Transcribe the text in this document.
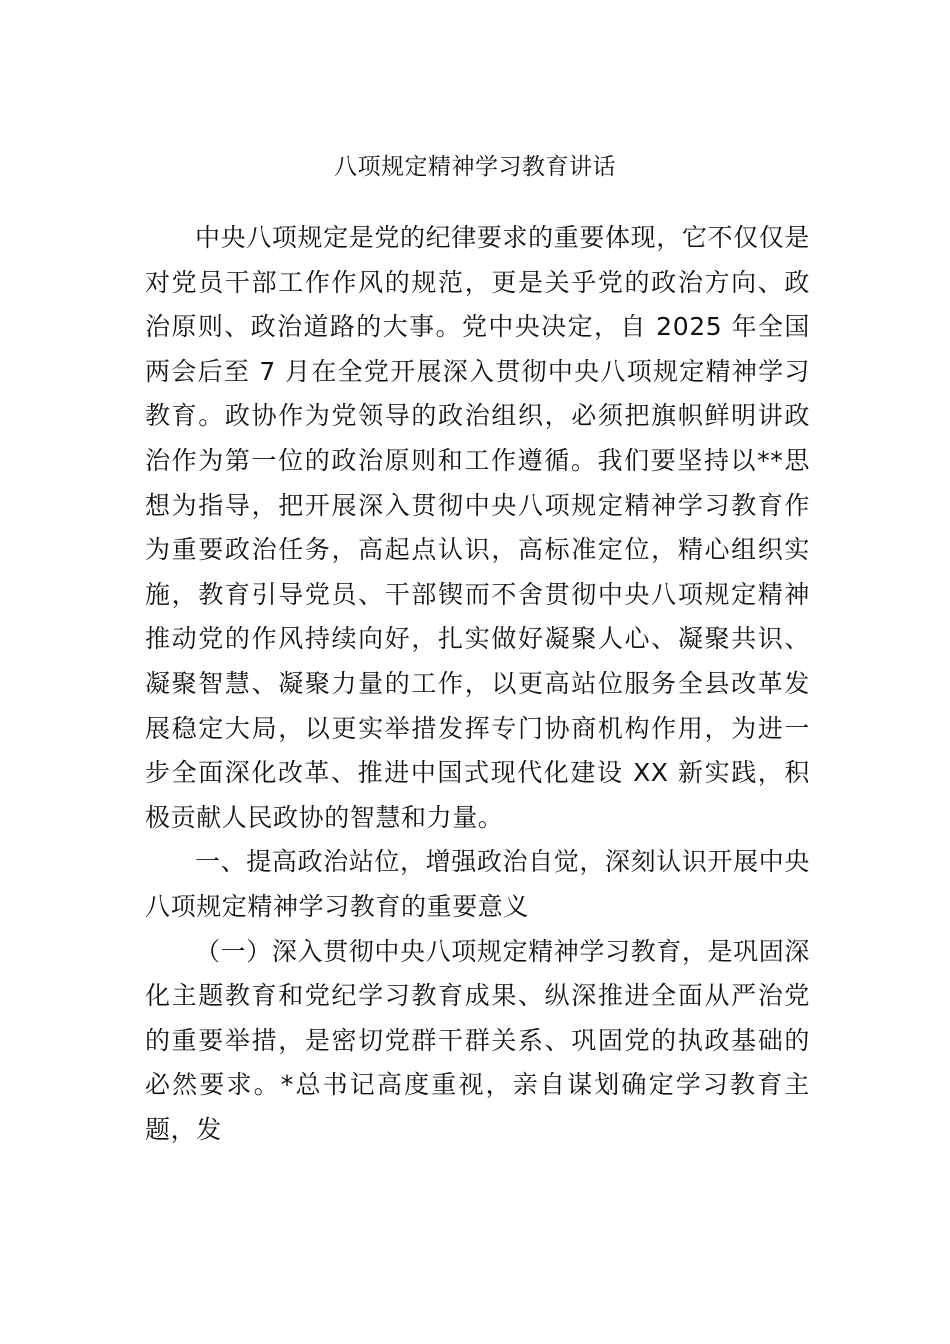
八项规定精神学习教育讲话

中央八项规定是党的纪律要求的重要体现，它不仅仅是对党员干部工作作风的规范，更是关乎党的政治方向、政治原则、政治道路的大事。党中央决定，自 2025 年全国两会后至 7 月在全党开展深入贯彻中央八项规定精神学习教育。政协作为党领导的政治组织，必须把旗帜鲜明讲政治作为第一位的政治原则和工作遵循。我们要坚持以**思想为指导，把开展深入贯彻中央八项规定精神学习教育作为重要政治任务，高起点认识，高标准定位，精心组织实施，教育引导党员、干部锲而不舍贯彻中央八项规定精神推动党的作风持续向好，扎实做好凝聚人心、凝聚共识、凝聚智慧、凝聚力量的工作，以更高站位服务全县改革发展稳定大局，以更实举措发挥专门协商机构作用，为进一步全面深化改革、推进中国式现代化建设 XX 新实践，积极贡献人民政协的智慧和力量。

一、提高政治站位，增强政治自觉，深刻认识开展中央八项规定精神学习教育的重要意义

（一）深入贯彻中央八项规定精神学习教育，是巩固深化主题教育和党纪学习教育成果、纵深推进全面从严治党的重要举措，是密切党群干群关系、巩固党的执政基础的必然要求。*总书记高度重视，亲自谋划确定学习教育主题，发
